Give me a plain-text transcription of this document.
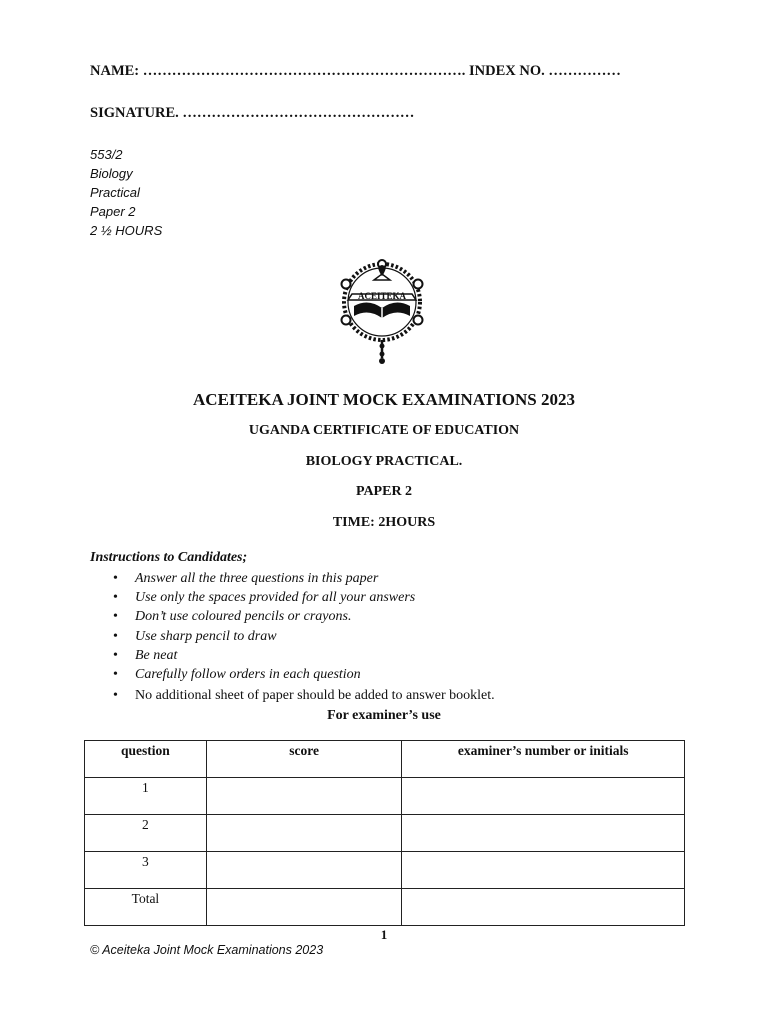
NAME: …………………………………………………………. INDEX NO. ……………
SIGNATURE. …………………………………………
553/2
Biology
Practical
Paper 2
2 ½ HOURS
ACEITEKA
ACEITEKA JOINT MOCK EXAMINATIONS 2023
UGANDA CERTIFICATE OF EDUCATION
BIOLOGY PRACTICAL.
PAPER 2
TIME: 2HOURS
Instructions to Candidates;
• Answer all the three questions in this paper
• Use only the spaces provided for all your answers
• Don’t use coloured pencils or crayons.
• Use sharp pencil to draw
• Be neat
• Carefully follow orders in each question
• No additional sheet of paper should be added to answer booklet.
For examiner’s use
question	score	examiner’s number or initials
1		
2		
3		
Total		
1
© Aceiteka Joint Mock Examinations 2023
